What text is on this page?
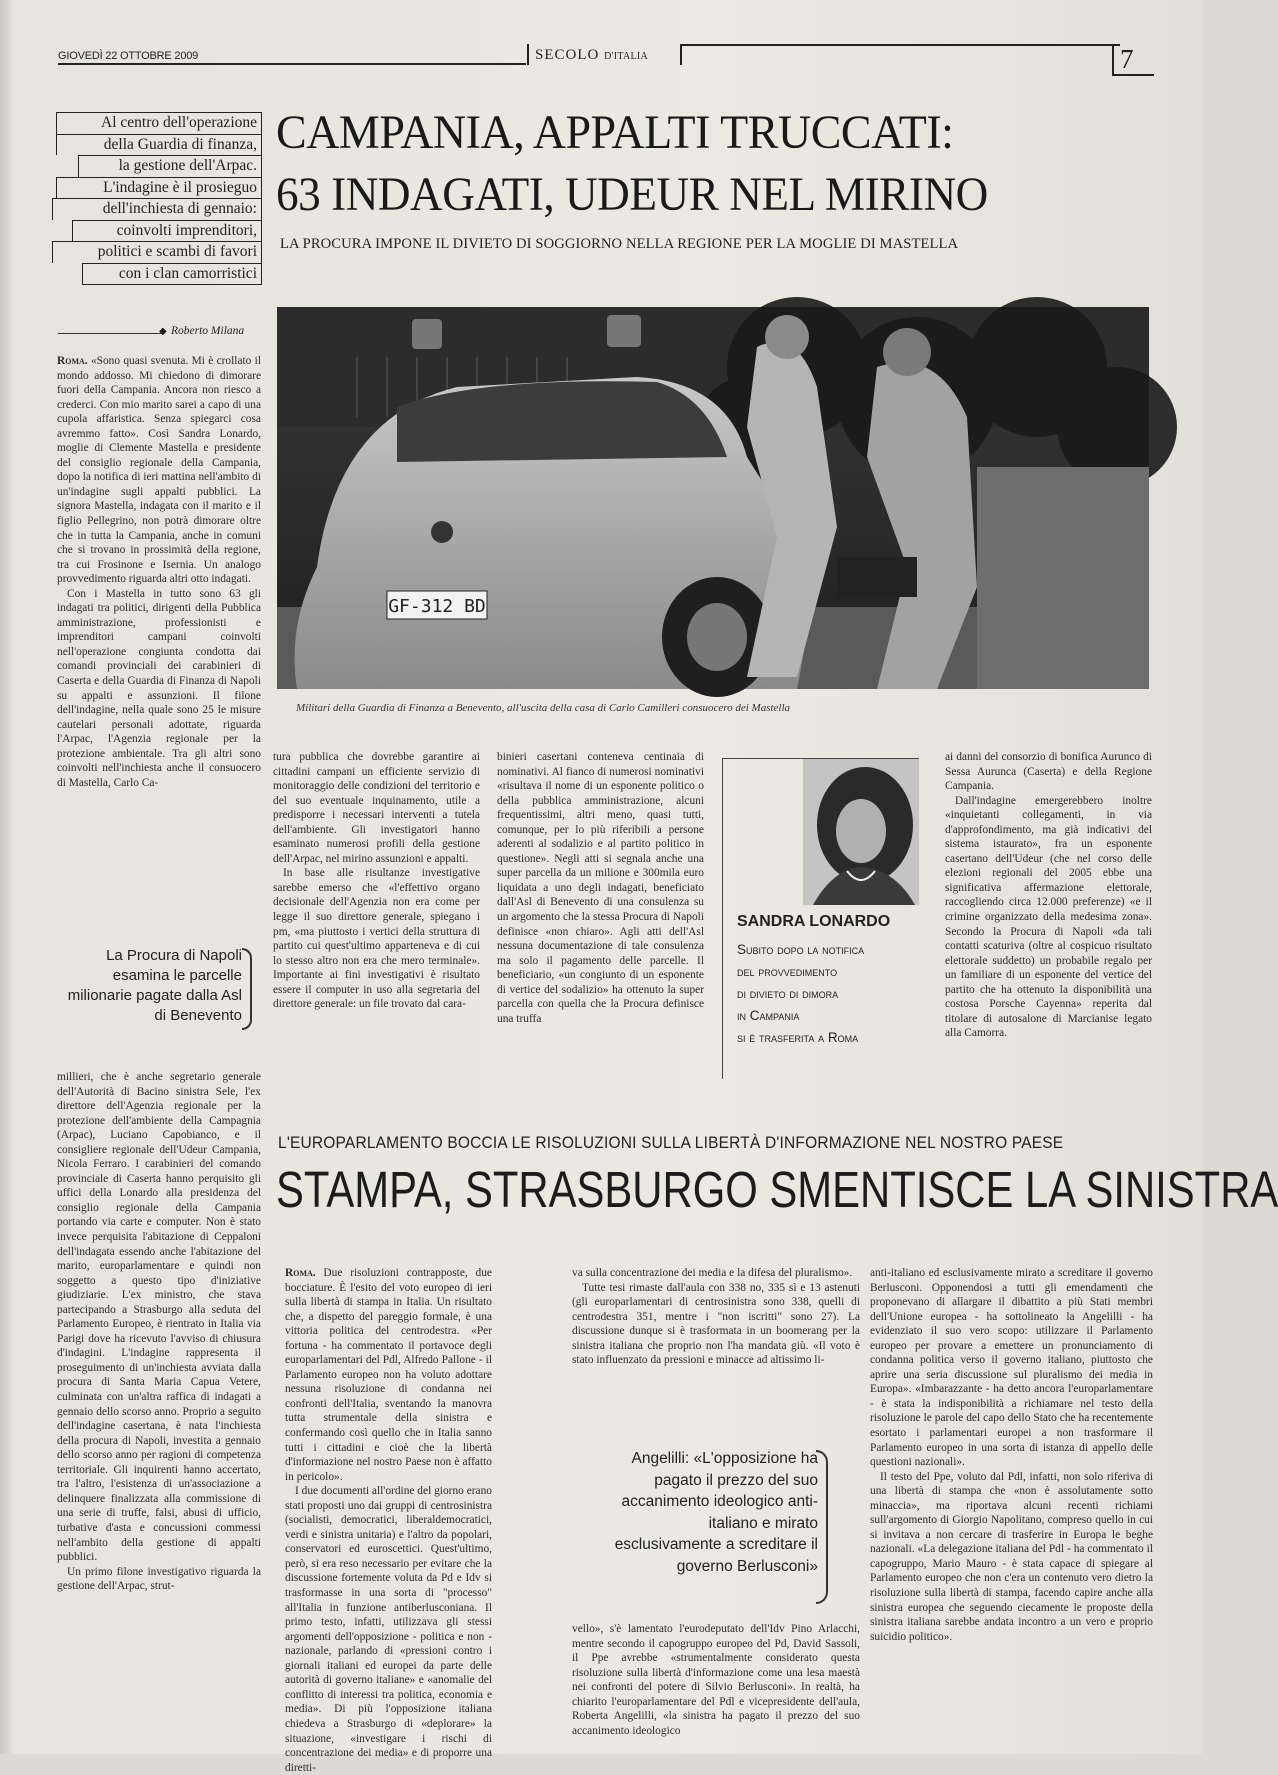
GIOVEDÌ 22 OTTOBRE 2009	SECOLO D'ITALIA	7
Al centro dell'operazione
della Guardia di finanza,
la gestione dell'Arpac.
L'indagine è il prosieguo
dell'inchiesta di gennaio:
coinvolti imprenditori,
politici e scambi di favori
con i clan camorristici
CAMPANIA, APPALTI TRUCCATI:
63 INDAGATI, UDEUR NEL MIRINO
LA PROCURA IMPONE IL DIVIETO DI SOGGIORNO NELLA REGIONE PER LA MOGLIE DI MASTELLA
◆ Roberto Milana
GF-312 BD
Militari della Guardia di Finanza a Benevento, all'uscita della casa di Carlo Camilleri consuocero dei Mastella

Roma. «Sono quasi svenuta. Mi è crollato il mondo addosso. Mi chiedono di dimorare fuori della Campania. Ancora non riesco a crederci. Con mio marito sarei a capo di una cupola affaristica. Senza spiegarci cosa avremmo fatto». Così Sandra Lonardo, moglie di Clemente Mastella e presidente del consiglio regionale della Campania, dopo la notifica di ieri mattina nell'ambito di un'indagine sugli appalti pubblici. La signora Mastella, indagata con il marito e il figlio Pellegrino, non potrà dimorare oltre che in tutta la Campania, anche in comuni che si trovano in prossimità della regione, tra cui Frosinone e Isernia. Un analogo provvedimento riguarda altri otto indagati.

Con i Mastella in tutto sono 63 gli indagati tra politici, dirigenti della Pubblica amministrazione, professionisti e imprenditori campani coinvolti nell'operazione congiunta condotta dai comandi provinciali dei carabinieri di Caserta e della Guardia di Finanza di Napoli su appalti e assunzioni. Il filone dell'indagine, nella quale sono 25 le misure cautelari personali adottate, riguarda l'Arpac, l'Agenzia regionale per la protezione ambientale. Tra gli altri sono coinvolti nell'inchiesta anche il consuocero di Mastella, Carlo Ca-

La Procura di Napoli esamina le parcelle milionarie pagate dalla Asl di Benevento

millieri, che è anche segretario generale dell'Autorità di Bacino sinistra Sele, l'ex direttore dell'Agenzia regionale per la protezione dell'ambiente della Campagnia (Arpac), Luciano Capobianco, e il consigliere regionale dell'Udeur Campania, Nicola Ferraro. I carabinieri del comando provinciale di Caserta hanno perquisito gli uffici della Lonardo alla presidenza del consiglio regionale della Campania portando via carte e computer. Non è stato invece perquisita l'abitazione di Ceppaloni dell'indagata essendo anche l'abitazione del marito, europarlamentare e quindi non soggetto a questo tipo d'iniziative giudiziarie. L'ex ministro, che stava partecipando a Strasburgo alla seduta del Parlamento Europeo, è rientrato in Italia via Parigi dove ha ricevuto l'avviso di chiusura d'indagini. L'indagine rappresenta il proseguimento di un'inchiesta avviata dalla procura di Santa Maria Capua Vetere, culminata con un'altra raffica di indagati a gennaio dello scorso anno. Proprio a seguito dell'indagine casertana, è nata l'inchiesta della procura di Napoli, investita a gennaio dello scorso anno per ragioni di competenza territoriale. Gli inquirenti hanno accertato, tra l'altro, l'esistenza di un'associazione a delinquere finalizzata alla commissione di una serie di truffe, falsi, abusi di ufficio, turbative d'asta e concussioni commessi nell'ambito della gestione di appalti pubblici.

Un primo filone investigativo riguarda la gestione dell'Arpac, strut-

tura pubblica che dovrebbe garantire ai cittadini campani un efficiente servizio di monitoraggio delle condizioni del territorio e del suo eventuale inquinamento, utile a predisporre i necessari interventi a tutela dell'ambiente. Gli investigatori hanno esaminato numerosi profili della gestione dell'Arpac, nel mirino assunzioni e appalti.

In base alle risultanze investigative sarebbe emerso che «l'effettivo organo decisionale dell'Agenzia non era come per legge il suo direttore generale, spiegano i pm, «ma piuttosto i vertici della struttura di partito cui quest'ultimo apparteneva e di cui lo stesso altro non era che mero terminale». Importante ai fini investigativi è risultato essere il computer in uso alla segretaria del direttore generale: un file trovato dal cara-

binieri casertani conteneva centinaia di nominativi. Al fianco di numerosi nominativi «risultava il nome di un esponente politico o della pubblica amministrazione, alcuni frequentissimi, altri meno, quasi tutti, comunque, per lo più riferibili a persone aderenti al sodalizio e al partito politico in questione». Negli atti si segnala anche una super parcella da un milione e 300mila euro liquidata a uno degli indagati, beneficiato dall'Asl di Benevento di una consulenza su un argomento che la stessa Procura di Napoli definisce «non chiaro». Agli atti dell'Asl nessuna documentazione di tale consulenza ma solo il pagamento delle parcelle. Il beneficiario, «un congiunto di un esponente di vertice del sodalizio» ha ottenuto la super parcella con quella che la Procura definisce una truffa

SANDRA LONARDO
Subito dopo la notifica
del provvedimento
di divieto di dimora
in Campania
si è trasferita a Roma

ai danni del consorzio di bonifica Aurunco di Sessa Aurunca (Caserta) e della Regione Campania.

Dall'indagine emergerebbero inoltre «inquietanti collegamenti, in via d'approfondimento, ma già indicativi del sistema istaurato», fra un esponente casertano dell'Udeur (che nel corso delle elezioni regionali del 2005 ebbe una significativa affermazione elettorale, raccogliendo circa 12.000 preferenze) «e il crimine organizzato della medesima zona». Secondo la Procura di Napoli «da tali contatti scaturiva (oltre al cospicuo risultato elettorale suddetto) un probabile regalo per un familiare di un esponente del vertice del partito che ha ottenuto la disponibilità una costosa Porsche Cayenna» reperita dal titolare di autosalone di Marcianise legato alla Camorra.

L'EUROPARLAMENTO BOCCIA LE RISOLUZIONI SULLA LIBERTÀ D'INFORMAZIONE NEL NOSTRO PAESE
STAMPA, STRASBURGO SMENTISCE LA SINISTRA

Roma. Due risoluzioni contrapposte, due bocciature. È l'esito del voto europeo di ieri sulla libertà di stampa in Italia. Un risultato che, a dispetto del pareggio formale, è una vittoria politica del centrodestra. «Per fortuna - ha commentato il portavoce degli europarlamentari del Pdl, Alfredo Pallone - il Parlamento europeo non ha voluto adottare nessuna risoluzione di condanna nei confronti dell'Italia, sventando la manovra tutta strumentale della sinistra e confermando così quello che in Italia sanno tutti i cittadini e cioè che la libertà d'informazione nel nostro Paese non è affatto in pericolo».

I due documenti all'ordine del giorno erano stati proposti uno dai gruppi di centrosinistra (socialisti, democratici, liberaldemocratici, verdi e sinistra unitaria) e l'altro da popolari, conservatori ed euroscettici. Quest'ultimo, però, si era reso necessario per evitare che la discussione fortemente voluta da Pd e Idv si trasformasse in una sorta di "processo" all'Italia in funzione antiberlusconiana. Il primo testo, infatti, utilizzava gli stessi argomenti dell'opposizione - politica e non - nazionale, parlando di «pressioni contro i giornali italiani ed europei da parte delle autorità di governo italiane» e «anomalie del conflitto di interessi tra politica, economia e media». Di più l'opposizione italiana chiedeva a Strasburgo di «deplorare» la situazione, «investigare i rischi di concentrazione dei media» e di proporre una diretti-

va sulla concentrazione dei media e la difesa del pluralismo».

Tutte tesi rimaste dall'aula con 338 no, 335 sì e 13 astenuti (gli europarlamentari di centrosinistra sono 338, quelli di centrodestra 351, mentre i "non iscritti" sono 27). La discussione dunque si è trasformata in un boomerang per la sinistra italiana che proprio non l'ha mandata giù. «Il voto è stato influenzato da pressioni e minacce ad altissimo li-

Angelilli: «L'opposizione ha pagato il prezzo del suo accanimento ideologico anti-italiano e mirato esclusivamente a screditare il governo Berlusconi»

vello», s'è lamentato l'eurodeputato dell'Idv Pino Arlacchi, mentre secondo il capogruppo europeo del Pd, David Sassoli, il Ppe avrebbe «strumentalmente considerato questa risoluzione sulla libertà d'informazione come una lesa maestà nei confronti del potere di Silvio Berlusconi». In realtà, ha chiarito l'europarlamentare del Pdl e vicepresidente dell'aula, Roberta Angelilli, «la sinistra ha pagato il prezzo del suo accanimento ideologico

anti-italiano ed esclusivamente mirato a screditare il governo Berlusconi. Opponendosi a tutti gli emendamenti che proponevano di allargare il dibattito a più Stati membri dell'Unione europea - ha sottolineato la Angelilli - ha evidenziato il suo vero scopo: utilizzare il Parlamento europeo per provare a emettere un pronunciamento di condanna politica verso il governo italiano, piuttosto che aprire una seria discussione sul pluralismo dei media in Europa». «Imbarazzante - ha detto ancora l'europarlamentare - è stata la indisponibilità a richiamare nel testo della risoluzione le parole del capo dello Stato che ha recentemente esortato i parlamentari europei a non trasformare il Parlamento europeo in una sorta di istanza di appello delle questioni nazionali».

Il testo del Ppe, voluto dal Pdl, infatti, non solo riferiva di una libertà di stampa che «non è assolutamente sotto minaccia», ma riportava alcuni recenti richiami sull'argomento di Giorgio Napolitano, compreso quello in cui si invitava a non cercare di trasferire in Europa le beghe nazionali. «La delegazione italiana del Pdl - ha commentato il capogruppo, Mario Mauro - è stata capace di spiegare al Parlamento europeo che non c'era un contenuto vero dietro la risoluzione sulla libertà di stampa, facendo capire anche alla sinistra europea che seguendo ciecamente le proposte della sinistra italiana sarebbe andata incontro a un vero e proprio suicidio politico».
